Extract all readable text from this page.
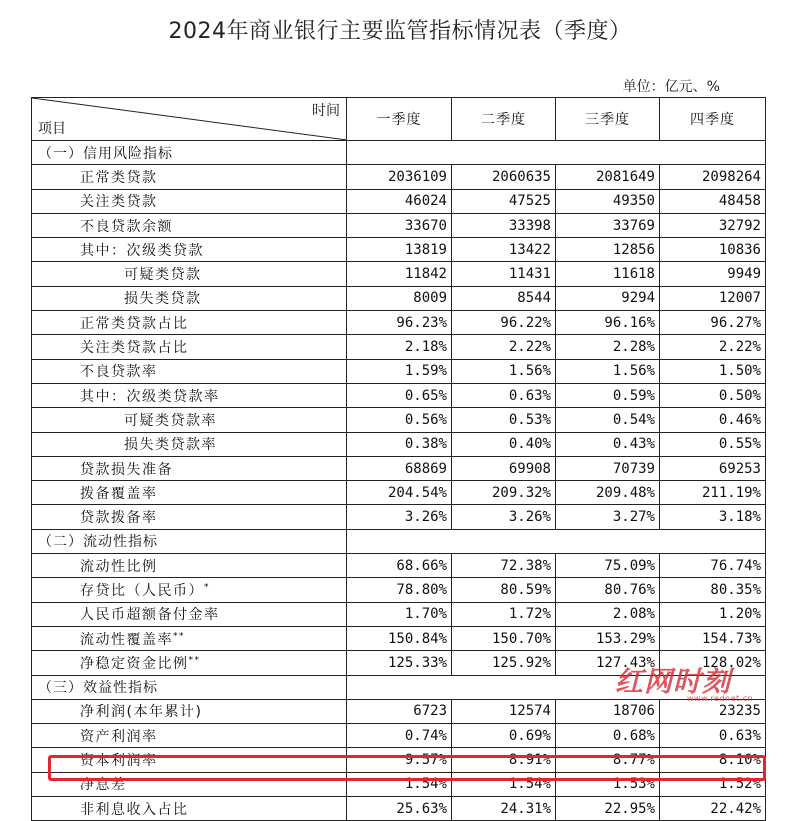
2024年商业银行主要监管指标情况表（季度）
单位：亿元、%
时间
项目	一季度	二季度	三季度	四季度
（一）信用风险指标				
正常类贷款	2036109	2060635	2081649	2098264
关注类贷款	46024	47525	49350	48458
不良贷款余额	33670	33398	33769	32792
其中：次级类贷款	13819	13422	12856	10836
可疑类贷款	11842	11431	11618	9949
损失类贷款	8009	8544	9294	12007
正常类贷款占比	96.23%	96.22%	96.16%	96.27%
关注类贷款占比	2.18%	2.22%	2.28%	2.22%
不良贷款率	1.59%	1.56%	1.56%	1.50%
其中：次级类贷款率	0.65%	0.63%	0.59%	0.50%
可疑类贷款率	0.56%	0.53%	0.54%	0.46%
损失类贷款率	0.38%	0.40%	0.43%	0.55%
贷款损失准备	68869	69908	70739	69253
拨备覆盖率	204.54%	209.32%	209.48%	211.19%
贷款拨备率	3.26%	3.26%	3.27%	3.18%
（二）流动性指标				
流动性比例	68.66%	72.38%	75.09%	76.74%
存贷比（人民币）*	78.80%	80.59%	80.76%	80.35%
人民币超额备付金率	1.70%	1.72%	2.08%	1.20%
流动性覆盖率**	150.84%	150.70%	153.29%	154.73%
净稳定资金比例**	125.33%	125.92%	127.43%	128.02%
（三）效益性指标				
净利润(本年累计)	6723	12574	18706	23235
资产利润率	0.74%	0.69%	0.68%	0.63%
资本利润率	9.57%	8.91%	8.77%	8.10%
净息差	1.54%	1.54%	1.53%	1.52%
非利息收入占比	25.63%	24.31%	22.95%	22.42%
红网时刻
www.rednet.cn
